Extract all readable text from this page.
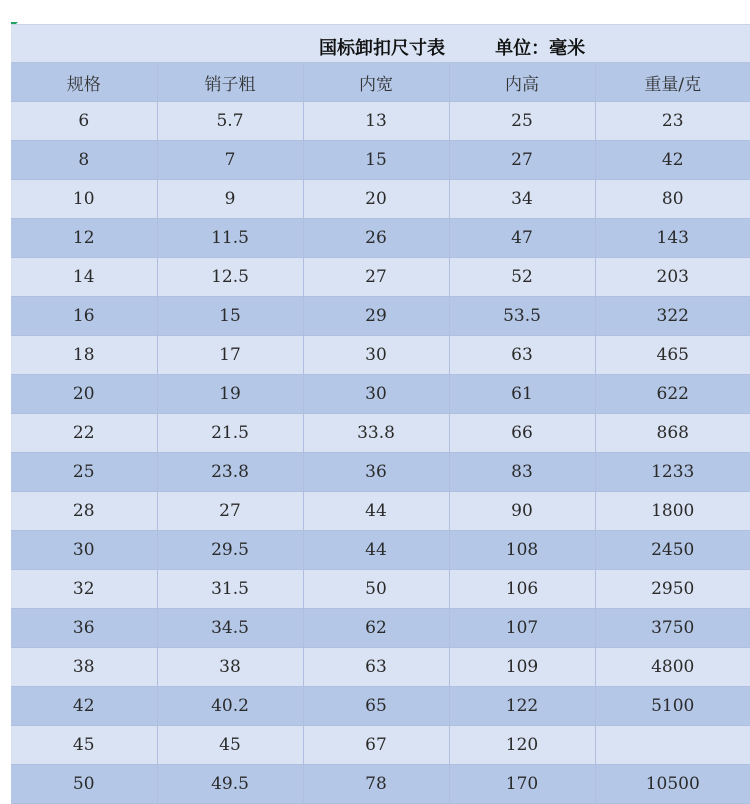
国标卸扣尺寸表        单位：毫米
规格	销子粗	内宽	内高	重量/克
6	5.7	13	25	23
8	7	15	27	42
10	9	20	34	80
12	11.5	26	47	143
14	12.5	27	52	203
16	15	29	53.5	322
18	17	30	63	465
20	19	30	61	622
22	21.5	33.8	66	868
25	23.8	36	83	1233
28	27	44	90	1800
30	29.5	44	108	2450
32	31.5	50	106	2950
36	34.5	62	107	3750
38	38	63	109	4800
42	40.2	65	122	5100
45	45	67	120	
50	49.5	78	170	10500
